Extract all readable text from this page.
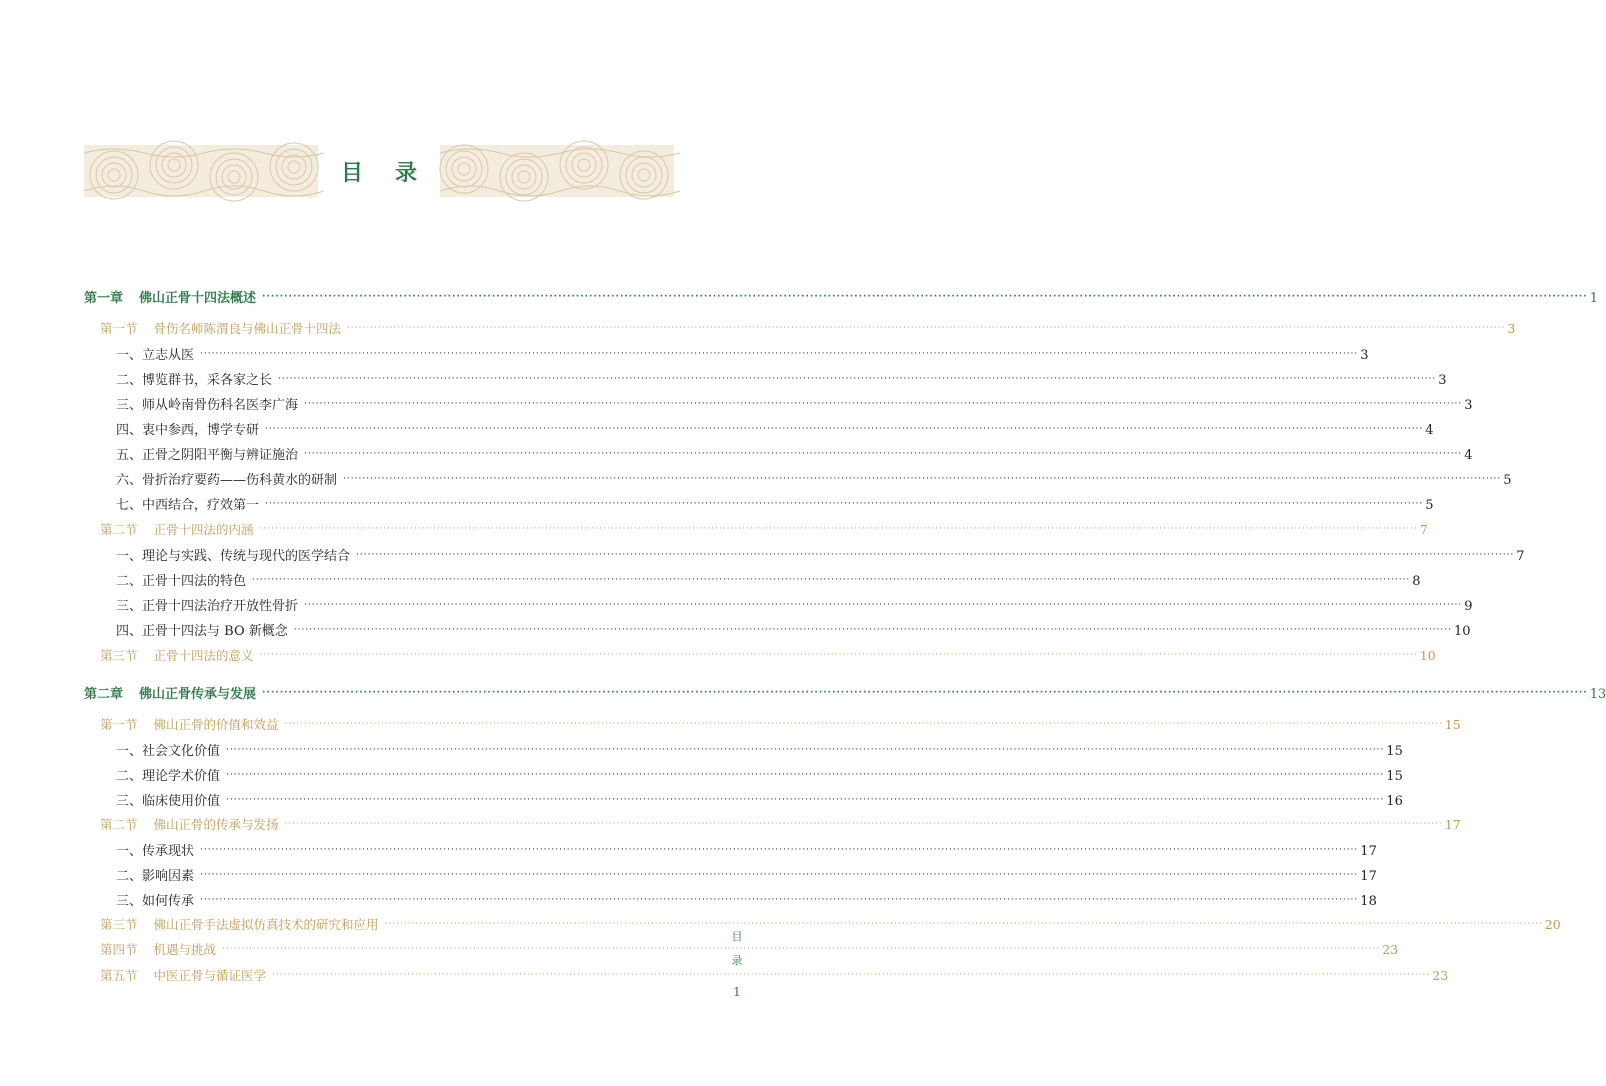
目 录
第一章 佛山正骨十四法概述 ············································································································································································································································································································ 1
第一节 骨伤名师陈渭良与佛山正骨十四法 ············································································································································································································································································································ 3
一、立志从医 ············································································································································································································································································································ 3
二、博览群书，采各家之长 ············································································································································································································································································································ 3
三、师从岭南骨伤科名医李广海 ············································································································································································································································································································ 3
四、衷中参西，博学专研 ············································································································································································································································································································ 4
五、正骨之阴阳平衡与辨证施治 ············································································································································································································································································································ 4
六、骨折治疗要药——伤科黄水的研制 ············································································································································································································································································································ 5
七、中西结合，疗效第一 ············································································································································································································································································································ 5
第二节 正骨十四法的内涵 ············································································································································································································································································································ 7
一、理论与实践、传统与现代的医学结合 ············································································································································································································································································································ 7
二、正骨十四法的特色 ············································································································································································································································································································ 8
三、正骨十四法治疗开放性骨折 ············································································································································································································································································································ 9
四、正骨十四法与 BO 新概念 ············································································································································································································································································································ 10
第三节 正骨十四法的意义 ············································································································································································································································································································ 10
第二章 佛山正骨传承与发展 ············································································································································································································································································································ 13
第一节 佛山正骨的价值和效益 ············································································································································································································································································································ 15
一、社会文化价值 ············································································································································································································································································································ 15
二、理论学术价值 ············································································································································································································································································································ 15
三、临床使用价值 ············································································································································································································································································································ 16
第二节 佛山正骨的传承与发扬 ············································································································································································································································································································ 17
一、传承现状 ············································································································································································································································································································ 17
二、影响因素 ············································································································································································································································································································ 17
三、如何传承 ············································································································································································································································································································ 18
第三节 佛山正骨手法虚拟仿真技术的研究和应用 ············································································································································································································································································································ 20
第四节 机遇与挑战 ············································································································································································································································································································ 23
第五节 中医正骨与循证医学 ············································································································································································································································································································ 23
目
录
1
